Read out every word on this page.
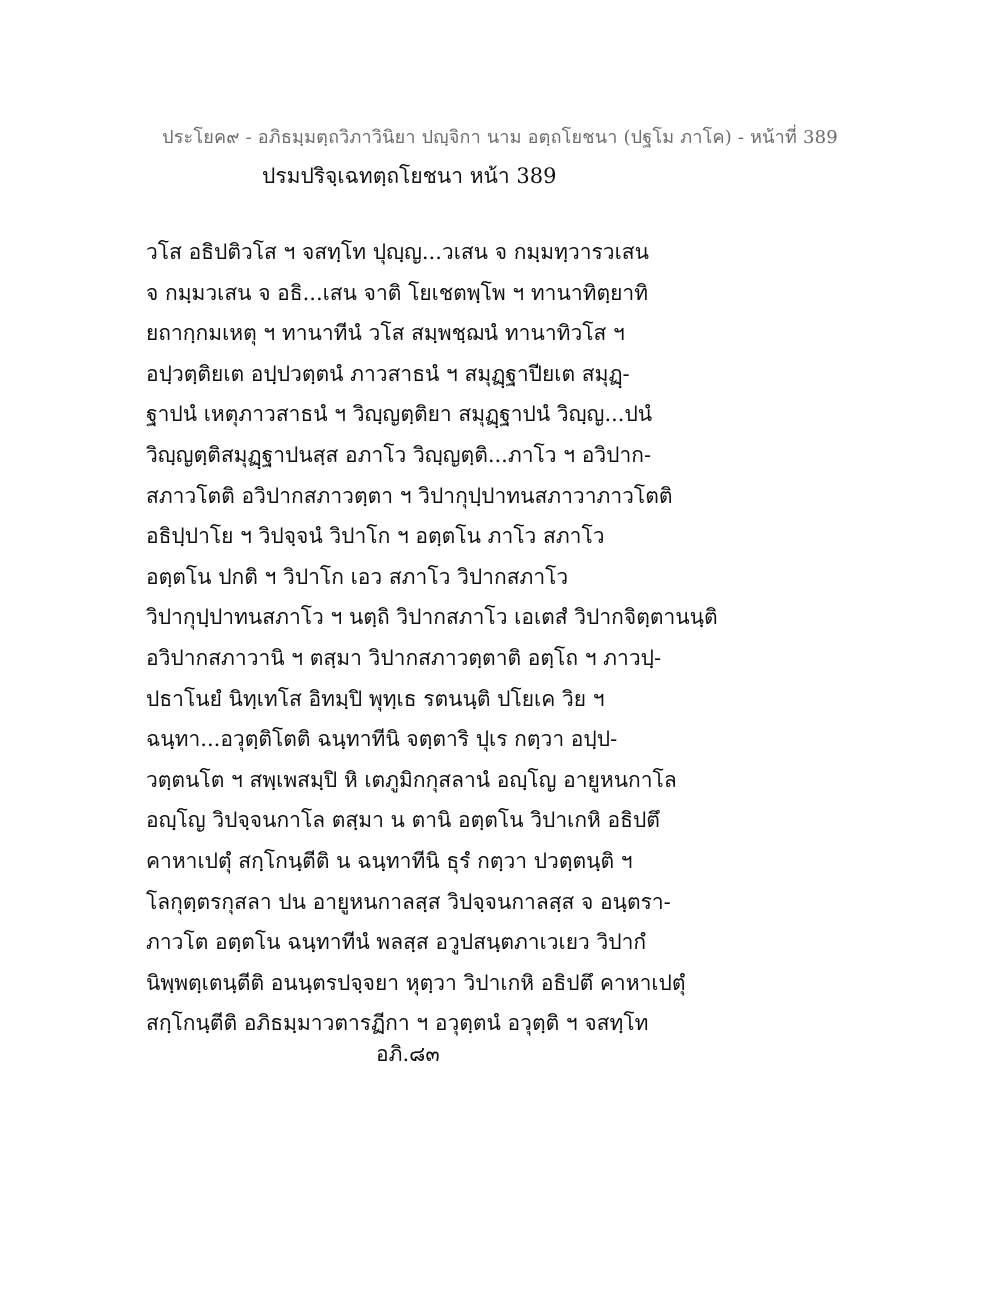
ประโยค๙ - อภิธมฺมตฺถวิภาวินิยา ปญฺจิกา นาม อตฺถโยชนา (ปฐโม ภาโค) - หน้าที่ 389
ปรมปริจฺเฉทตฺถโยชนา หน้า 389
วโส อธิปติวโส ฯ จสทฺโท ปุญฺญ...วเสน จ กมฺมทฺวารวเสน
จ กมฺมวเสน จ อธิ...เสน จาติ โยเชตพฺโพ ฯ ทานาทิตฺยาทิ
ยถากฺกมเหตุ ฯ ทานาทีนํ วโส สมฺพชฺฌนํ ทานาทิวโส ฯ
อปฺวตฺติยเต อปฺปวตฺตนํ ภาวสาธนํ ฯ สมุฏฺฐาปียเต สมุฏฺ-
ฐาปนํ เหตุภาวสาธนํ ฯ วิญฺญตฺติยา สมุฏฺฐาปนํ วิญฺญ...ปนํ
วิญฺญตฺติสมุฏฺฐาปนสฺส อภาโว วิญฺญตฺติ...ภาโว ฯ อวิปาก-
สภาวโตติ อวิปากสภาวตฺตา ฯ วิปากุปฺปาทนสภาวาภาวโตติ
อธิปฺปาโย ฯ วิปจฺจนํ วิปาโก ฯ อตฺตโน ภาโว สภาโว
อตฺตโน ปกติ ฯ วิปาโก เอว สภาโว วิปากสภาโว
วิปากุปฺปาทนสภาโว ฯ นตฺถิ วิปากสภาโว เอเตสํ วิปากจิตฺตานนฺติ
อวิปากสภาวานิ ฯ ตสฺมา วิปากสภาวตฺตาติ อตฺโถ ฯ ภาวปฺ-
ปธาโนยํ นิทฺเทโส อิทมฺปิ พุทฺเธ รตนนฺติ ปโยเค วิย ฯ
ฉนฺทา...อวุตฺติโตติ ฉนฺทาทีนิ จตฺตาริ ปุเร กตฺวา อปฺป-
วตฺตนโต ฯ สพฺเพสมฺปิ หิ เตภูมิกกุสลานํ อญฺโญ อายูหนกาโล
อญฺโญ วิปจฺจนกาโล ตสฺมา น ตานิ อตฺตโน วิปาเกหิ อธิปตึ
คาหาเปตุํ สกฺโกนฺตีติ น ฉนฺทาทีนิ ธุรํ กตฺวา ปวตฺตนฺติ ฯ
โลกุตฺตรกุสลา ปน อายูหนกาลสฺส วิปจฺจนกาลสฺส จ อนฺตรา-
ภาวโต อตฺตโน ฉนฺทาทีนํ พลสฺส อวูปสนฺตภาเวเยว วิปากํ
นิพฺพตฺเตนฺตีติ อนนฺตรปจฺจยา หุตฺวา วิปาเกหิ อธิปตึ คาหาเปตุํ
สกฺโกนฺตีติ อภิธมฺมาวตารฏีกา ฯ อวุตฺตนํ อวุตฺติ ฯ จสทฺโท
อภิ.๘๓
